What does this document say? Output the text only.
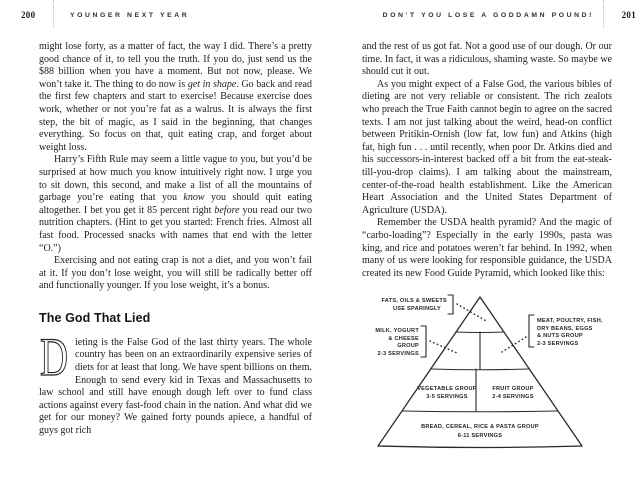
200	YOUNGER NEXT YEAR	DON’T YOU LOSE A GODDAMN POUND!	201

might lose forty, as a matter of fact, the way I did. There’s a pretty good chance of it, to tell you the truth. If you do, just send us the $88 billion when you have a moment. But not now, please. We won’t take it. The thing to do now is get in shape. Go back and read the first few chapters and start to exercise! Because exercise does work, whether or not you’re fat as a walrus. It is always the first step, the bit of magic, as I said in the beginning, that changes everything. So focus on that, quit eating crap, and forget about weight loss.

Harry’s Fifth Rule may seem a little vague to you, but you’d be surprised at how much you know intuitively right now. I urge you to sit down, this second, and make a list of all the mountains of garbage you’re eating that you know you should quit eating altogether. I bet you get it 85 percent right before you read our two nutrition chapters. (Hint to get you started: French fries. Almost all fast food. Processed snacks with names that end with the letter “O.”)

Exercising and not eating crap is not a diet, and you won’t fail at it. If you don’t lose weight, you will still be radically better off and functionally younger. If you lose weight, it’s a bonus.

The God That Lied

D ieting is the False God of the last thirty years. The whole country has been on an extraordinarily expensive series of diets for at least that long. We have spent billions on them. Enough to send every kid in Texas and Massachusetts to law school and still have enough dough left over to fund class actions against every fast-food chain in the nation. And what did we get for our money? We gained forty pounds apiece, a handful of guys got rich

and the rest of us got fat. Not a good use of our dough. Or our time. In fact, it was a ridiculous, shaming waste. So maybe we should cut it out.

As you might expect of a False God, the various bibles of dieting are not very reliable or consistent. The rich zealots who preach the True Faith cannot begin to agree on the sacred texts. I am not just talking about the weird, head-on conflict between Pritikin-Ornish (low fat, low fun) and Atkins (high fat, high fun . . . until recently, when poor Dr. Atkins died and his successors-in-interest backed off a bit from the eat-steak-till-you-drop claims). I am talking about the mainstream, center-of-the-road health establishment. Like the American Heart Association and the United States Department of Agriculture (USDA).

Remember the USDA health pyramid? And the magic of “carbo-loading”? Especially in the early 1990s, pasta was king, and rice and potatoes weren’t far behind. In 1992, when many of us were looking for responsible guidance, the USDA created its new Food Guide Pyramid, which looked like this:

FATS, OILS & SWEETS
USE SPARINGLY
MILK, YOGURT
& CHEESE
GROUP
2-3 SERVINGS
MEAT, POULTRY, FISH,
DRY BEANS, EGGS
& NUTS GROUP
2-3 SERVINGS
VEGETABLE GROUP
3-5 SERVINGS
FRUIT GROUP
2-4 SERVINGS
BREAD, CEREAL, RICE & PASTA GROUP
6-11 SERVINGS
